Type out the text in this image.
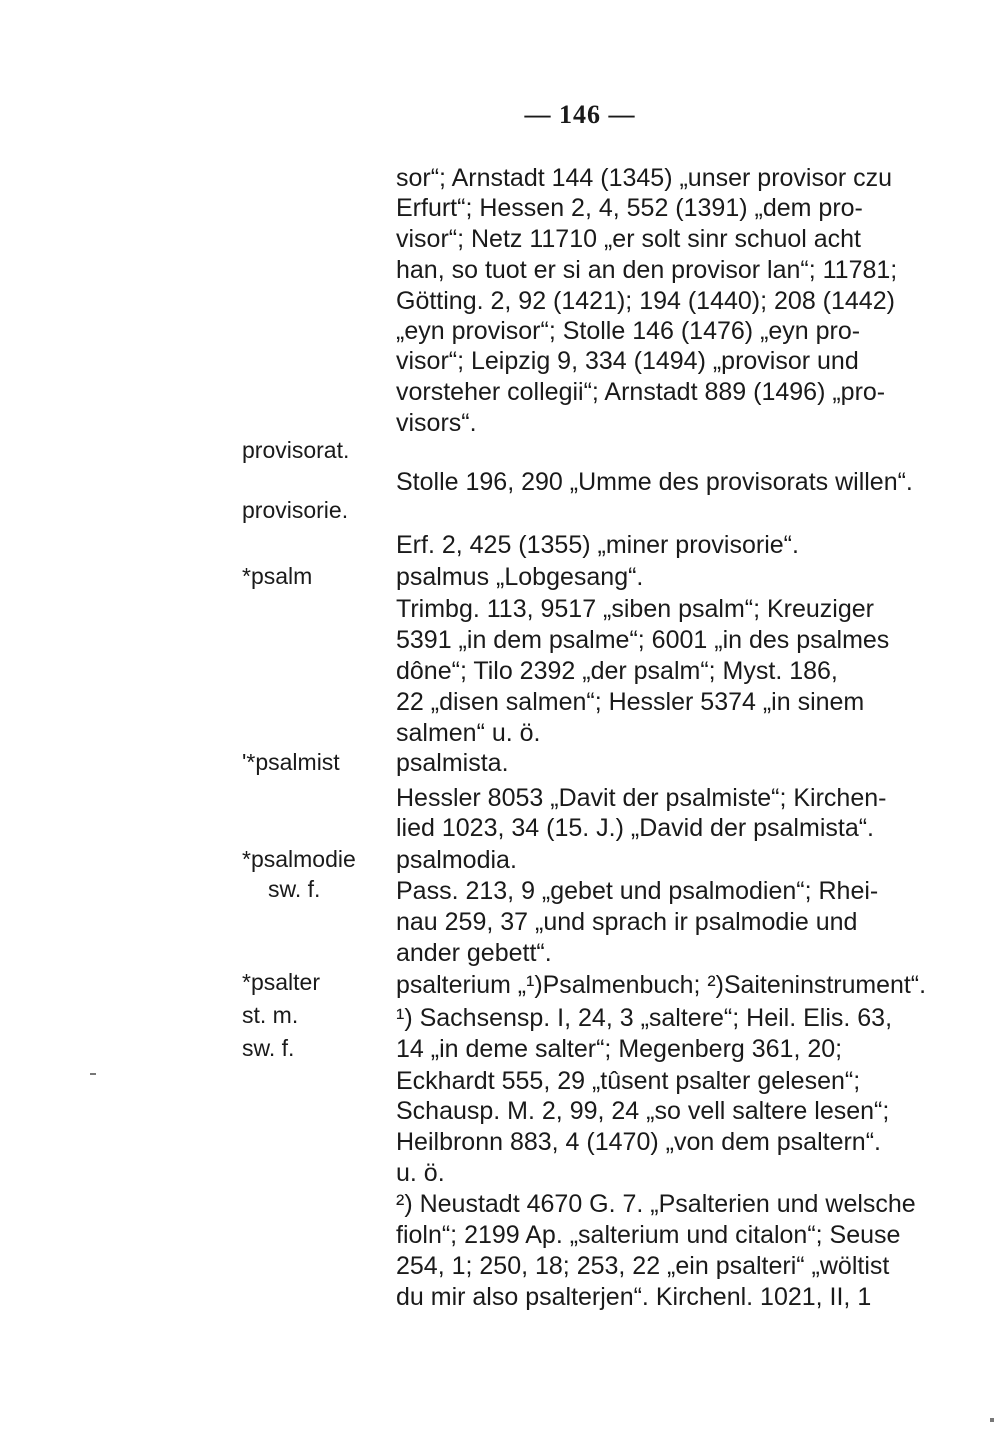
— 146 —
provisorat.
provisorie.
*psalm
'*psalmist
*psalmodie
sw. f.
*psalter
st. m.
sw. f.
sor“; Arnstadt 144 (1345) „unser provisor czu
Erfurt“; Hessen 2, 4, 552 (1391) „dem pro-
visor“; Netz 11710 „er solt sinr schuol acht
han, so tuot er si an den provisor lan“; 11781;
Götting. 2, 92 (1421); 194 (1440); 208 (1442)
„eyn provisor“; Stolle 146 (1476) „eyn pro-
visor“; Leipzig 9, 334 (1494) „provisor und
vorsteher collegii“; Arnstadt 889 (1496) „pro-
visors“.
Stolle 196, 290 „Umme des provisorats willen“.
Erf. 2, 425 (1355) „miner provisorie“.
psalmus „Lobgesang“.
Trimbg. 113, 9517 „siben psalm“; Kreuziger
5391 „in dem psalme“; 6001 „in des psalmes
dône“; Tilo 2392 „der psalm“; Myst. 186,
22 „disen salmen“; Hessler 5374 „in sinem
salmen“ u. ö.
psalmista.
Hessler 8053 „Davit der psalmiste“; Kirchen-
lied 1023, 34 (15. J.) „David der psalmista“.
psalmodia.
Pass. 213, 9 „gebet und psalmodien“; Rhei-
nau 259, 37 „und sprach ir psalmodie und
ander gebett“.
psalterium „¹)Psalmenbuch; ²)Saiteninstrument“.
¹) Sachsensp. I, 24, 3 „saltere“; Heil. Elis. 63,
14 „in deme salter“; Megenberg 361, 20;
Eckhardt 555, 29 „tûsent psalter gelesen“;
Schausp. M. 2, 99, 24 „so vell saltere lesen“;
Heilbronn 883, 4 (1470) „von dem psaltern“.
u. ö.
²) Neustadt 4670 G. 7. „Psalterien und welsche
fioln“; 2199 Ap. „salterium und citalon“; Seuse
254, 1; 250, 18; 253, 22 „ein psalteri“ „wöltist
du mir also psalterjen“. Kirchenl. 1021, II, 1
